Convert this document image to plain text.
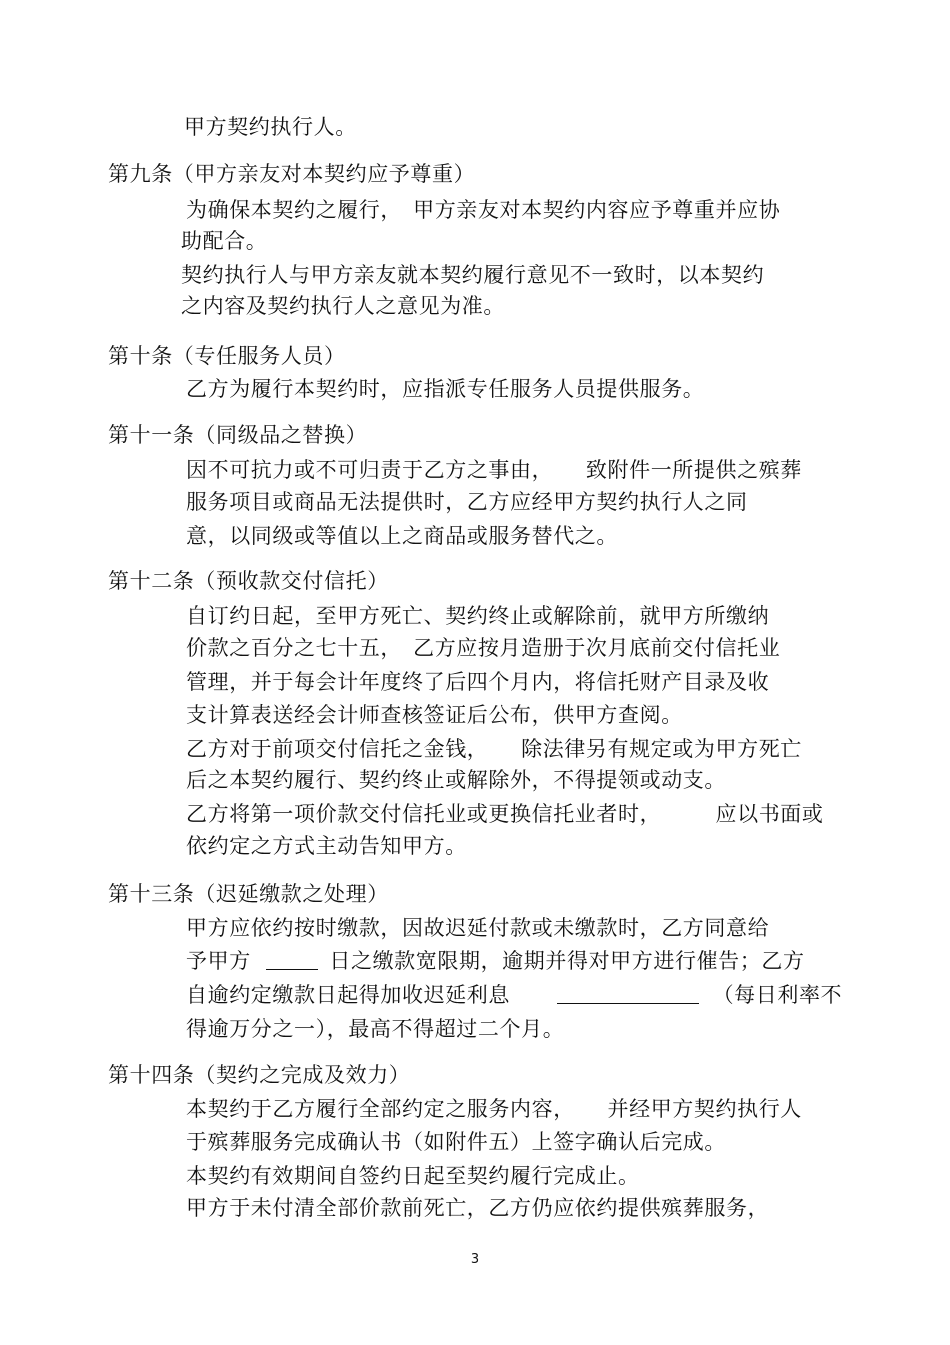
甲方契约执行人。
第九条（甲方亲友对本契约应予尊重）
为确保本契约之履行，　甲方亲友对本契约内容应予尊重并应协
助配合。
契约执行人与甲方亲友就本契约履行意见不一致时，以本契约
之内容及契约执行人之意见为准。
第十条（专任服务人员）
乙方为履行本契约时，应指派专任服务人员提供服务。
第十一条（同级品之替换）
因不可抗力或不可归责于乙方之事由，　　致附件一所提供之殡葬
服务项目或商品无法提供时，乙方应经甲方契约执行人之同
意，以同级或等值以上之商品或服务替代之。
第十二条（预收款交付信托）
自订约日起，至甲方死亡、契约终止或解除前，就甲方所缴纳
价款之百分之七十五，　乙方应按月造册于次月底前交付信托业
管理，并于每会计年度终了后四个月内，将信托财产目录及收
支计算表送经会计师查核签证后公布，供甲方查阅。
乙方对于前项交付信托之金钱，　　除法律另有规定或为甲方死亡
后之本契约履行、契约终止或解除外，不得提领或动支。
乙方将第一项价款交付信托业或更换信托业者时，　　　应以书面或
依约定之方式主动告知甲方。
第十三条（迟延缴款之处理）
甲方应依约按时缴款，因故迟延付款或未缴款时，乙方同意给
予甲方	日之缴款宽限期，逾期并得对甲方进行催告；乙方
自逾约定缴款日起得加收迟延利息	（每日利率不
得逾万分之一），最高不得超过二个月。
第十四条（契约之完成及效力）
本契约于乙方履行全部约定之服务内容，　　并经甲方契约执行人
于殡葬服务完成确认书（如附件五）上签字确认后完成。
本契约有效期间自签约日起至契约履行完成止。
甲方于未付清全部价款前死亡，乙方仍应依约提供殡葬服务，
3
